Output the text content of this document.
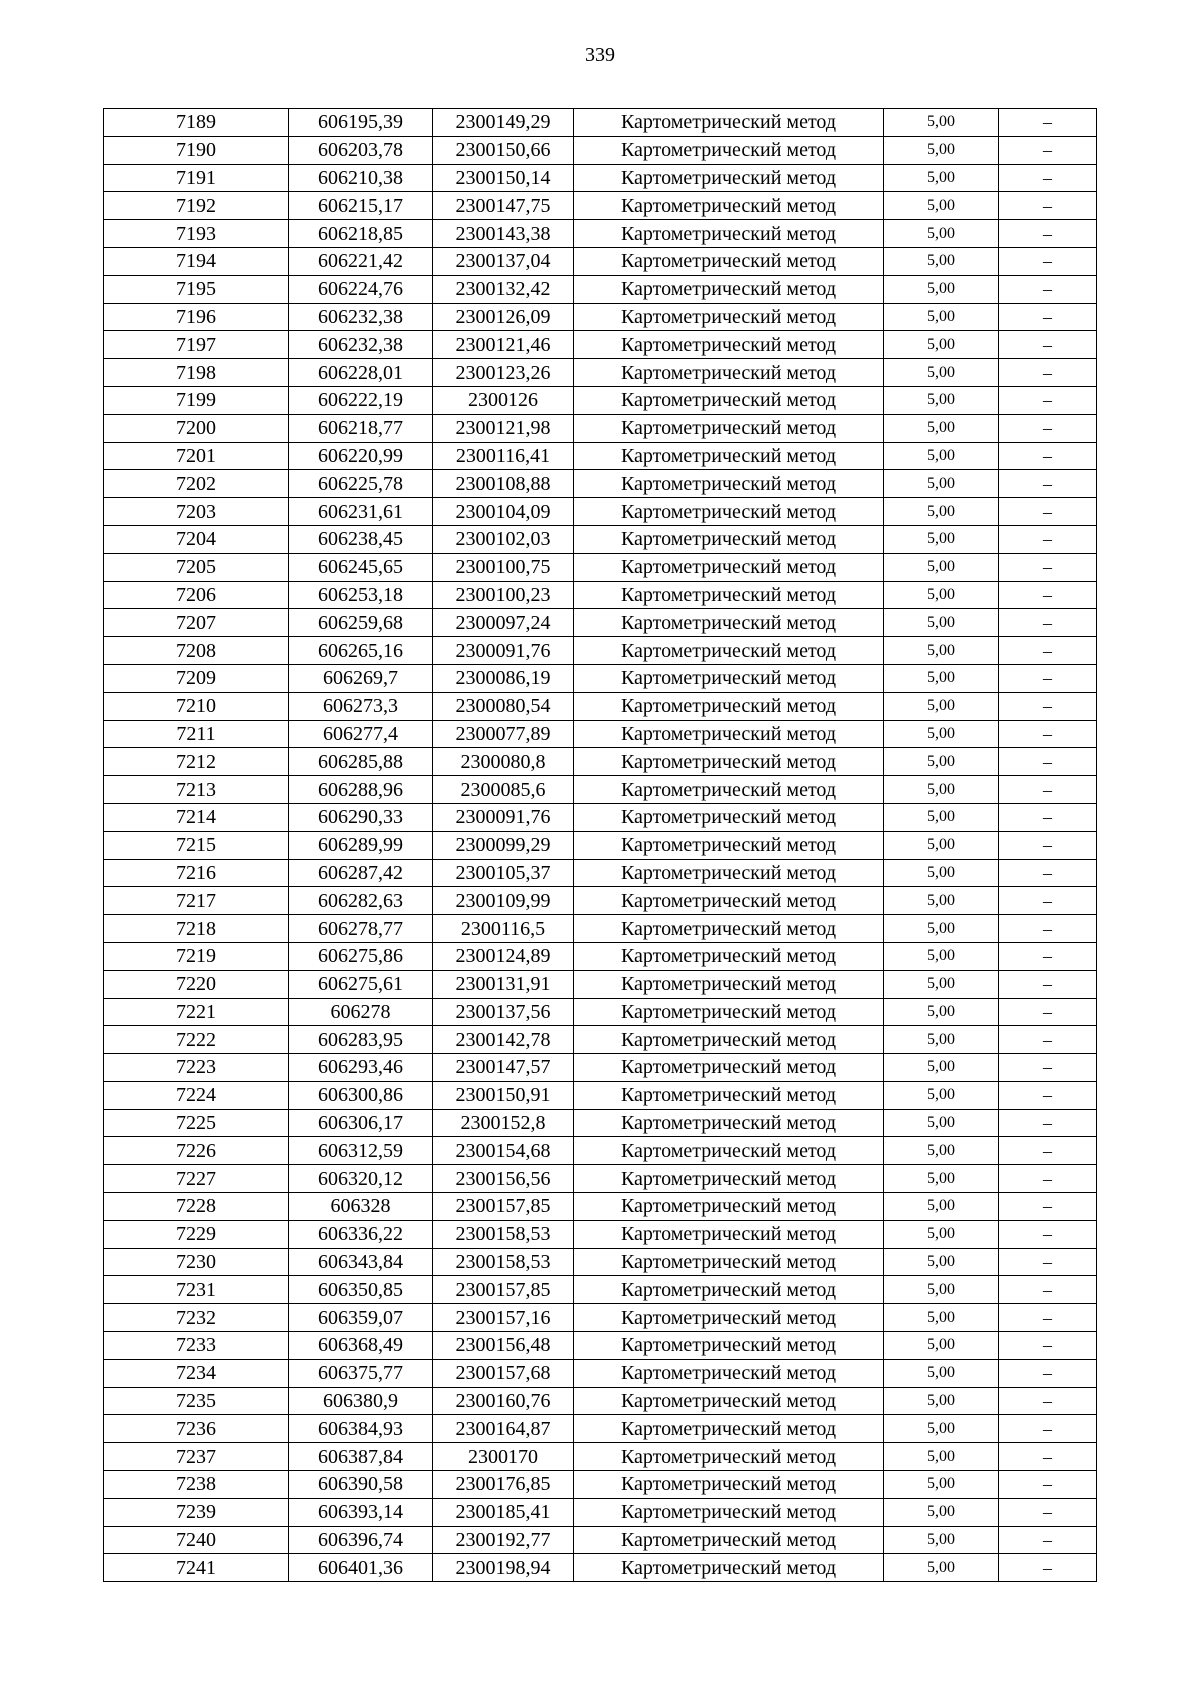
339
7189	606195,39	2300149,29	Картометрический метод	5,00	–
7190	606203,78	2300150,66	Картометрический метод	5,00	–
7191	606210,38	2300150,14	Картометрический метод	5,00	–
7192	606215,17	2300147,75	Картометрический метод	5,00	–
7193	606218,85	2300143,38	Картометрический метод	5,00	–
7194	606221,42	2300137,04	Картометрический метод	5,00	–
7195	606224,76	2300132,42	Картометрический метод	5,00	–
7196	606232,38	2300126,09	Картометрический метод	5,00	–
7197	606232,38	2300121,46	Картометрический метод	5,00	–
7198	606228,01	2300123,26	Картометрический метод	5,00	–
7199	606222,19	2300126	Картометрический метод	5,00	–
7200	606218,77	2300121,98	Картометрический метод	5,00	–
7201	606220,99	2300116,41	Картометрический метод	5,00	–
7202	606225,78	2300108,88	Картометрический метод	5,00	–
7203	606231,61	2300104,09	Картометрический метод	5,00	–
7204	606238,45	2300102,03	Картометрический метод	5,00	–
7205	606245,65	2300100,75	Картометрический метод	5,00	–
7206	606253,18	2300100,23	Картометрический метод	5,00	–
7207	606259,68	2300097,24	Картометрический метод	5,00	–
7208	606265,16	2300091,76	Картометрический метод	5,00	–
7209	606269,7	2300086,19	Картометрический метод	5,00	–
7210	606273,3	2300080,54	Картометрический метод	5,00	–
7211	606277,4	2300077,89	Картометрический метод	5,00	–
7212	606285,88	2300080,8	Картометрический метод	5,00	–
7213	606288,96	2300085,6	Картометрический метод	5,00	–
7214	606290,33	2300091,76	Картометрический метод	5,00	–
7215	606289,99	2300099,29	Картометрический метод	5,00	–
7216	606287,42	2300105,37	Картометрический метод	5,00	–
7217	606282,63	2300109,99	Картометрический метод	5,00	–
7218	606278,77	2300116,5	Картометрический метод	5,00	–
7219	606275,86	2300124,89	Картометрический метод	5,00	–
7220	606275,61	2300131,91	Картометрический метод	5,00	–
7221	606278	2300137,56	Картометрический метод	5,00	–
7222	606283,95	2300142,78	Картометрический метод	5,00	–
7223	606293,46	2300147,57	Картометрический метод	5,00	–
7224	606300,86	2300150,91	Картометрический метод	5,00	–
7225	606306,17	2300152,8	Картометрический метод	5,00	–
7226	606312,59	2300154,68	Картометрический метод	5,00	–
7227	606320,12	2300156,56	Картометрический метод	5,00	–
7228	606328	2300157,85	Картометрический метод	5,00	–
7229	606336,22	2300158,53	Картометрический метод	5,00	–
7230	606343,84	2300158,53	Картометрический метод	5,00	–
7231	606350,85	2300157,85	Картометрический метод	5,00	–
7232	606359,07	2300157,16	Картометрический метод	5,00	–
7233	606368,49	2300156,48	Картометрический метод	5,00	–
7234	606375,77	2300157,68	Картометрический метод	5,00	–
7235	606380,9	2300160,76	Картометрический метод	5,00	–
7236	606384,93	2300164,87	Картометрический метод	5,00	–
7237	606387,84	2300170	Картометрический метод	5,00	–
7238	606390,58	2300176,85	Картометрический метод	5,00	–
7239	606393,14	2300185,41	Картометрический метод	5,00	–
7240	606396,74	2300192,77	Картометрический метод	5,00	–
7241	606401,36	2300198,94	Картометрический метод	5,00	–
